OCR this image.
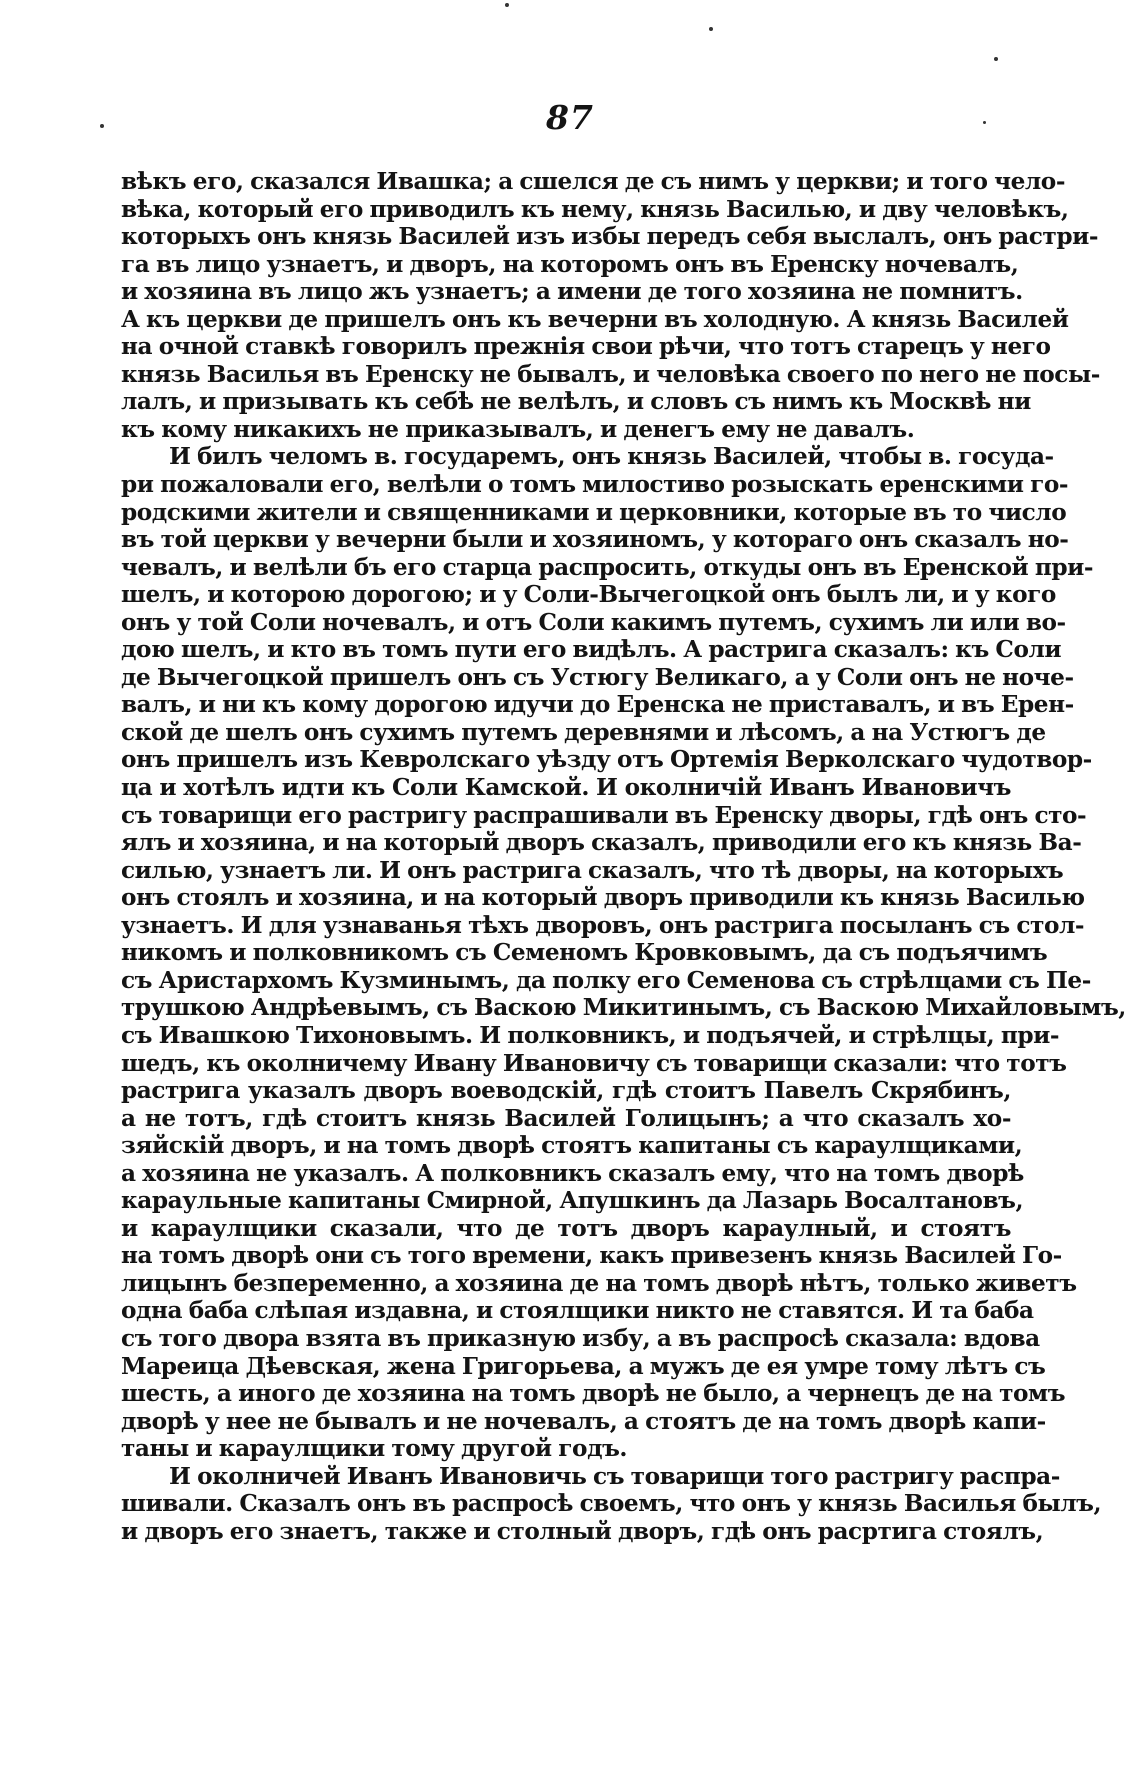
87
вѣкъ его, сказался Ивашка; а сшелся де съ нимъ у церкви; и того чело-
вѣка, который его приводилъ къ нему, князь Василью, и дву человѣкъ,
которыхъ онъ князь Василей изъ избы передъ себя выслалъ, онъ растри-
га въ лицо узнаетъ, и дворъ, на которомъ онъ въ Еренску ночевалъ,
и хозяина въ лицо жъ узнаетъ; а имени де того хозяина не помнитъ.
А къ церкви де пришелъ онъ къ вечерни въ холодную. А князь Василей
на очной ставкѣ говорилъ прежнія свои рѣчи, что тотъ старецъ у него
князь Василья въ Еренску не бывалъ, и человѣка своего по него не посы-
лалъ, и призывать къ себѣ не велѣлъ, и словъ съ нимъ къ Москвѣ ни
къ кому никакихъ не приказывалъ, и денегъ ему не давалъ.
И билъ челомъ в. государемъ, онъ князь Василей, чтобы в. госуда-
ри пожаловали его, велѣли о томъ милостиво розыскать еренскими го-
родскими жители и священниками и церковники, которые въ то число
въ той церкви у вечерни были и хозяиномъ, у котораго онъ сказалъ но-
чевалъ, и велѣли бъ его старца распросить, откуды онъ въ Еренской при-
шелъ, и которою дорогою; и у Соли-Вычегоцкой онъ былъ ли, и у кого
онъ у той Соли ночевалъ, и отъ Соли какимъ путемъ, сухимъ ли или во-
дою шелъ, и кто въ томъ пути его видѣлъ. А растрига сказалъ: къ Соли
де Вычегоцкой пришелъ онъ съ Устюгу Великаго, а у Соли онъ не ноче-
валъ, и ни къ кому дорогою идучи до Еренска не приставалъ, и въ Ерен-
ской де шелъ онъ сухимъ путемъ деревнями и лѣсомъ, а на Устюгъ де
онъ пришелъ изъ Кевролскаго уѣзду отъ Ортемія Верколскаго чудотвор-
ца и хотѣлъ идти къ Соли Камской. И околничій Иванъ Ивановичъ
съ товарищи его растригу распрашивали въ Еренску дворы, гдѣ онъ сто-
ялъ и хозяина, и на который дворъ сказалъ, приводили его къ князь Ва-
силью, узнаетъ ли. И онъ растрига сказалъ, что тѣ дворы, на которыхъ
онъ стоялъ и хозяина, и на который дворъ приводили къ князь Василью
узнаетъ. И для узнаванья тѣхъ дворовъ, онъ растрига посыланъ съ стол-
никомъ и полковникомъ съ Семеномъ Кровковымъ, да съ подъячимъ
съ Аристархомъ Кузминымъ, да полку его Семенова съ стрѣлцами съ Пе-
трушкою Андрѣевымъ, съ Васкою Микитинымъ, съ Васкою Михайловымъ,
съ Ивашкою Тихоновымъ. И полковникъ, и подъячей, и стрѣлцы, при-
шедъ, къ околничему Ивану Ивановичу съ товарищи сказали: что тотъ
растрига указалъ дворъ воеводскій, гдѣ стоитъ Павелъ Скрябинъ,
а не тотъ, гдѣ стоитъ князь Василей Голицынъ; а что сказалъ хо-
зяйскій дворъ, и на томъ дворѣ стоятъ капитаны съ караулщиками,
а хозяина не указалъ. А полковникъ сказалъ ему, что на томъ дворѣ
караульные капитаны Смирной, Апушкинъ да Лазарь Восалтановъ,
и караулщики сказали, что де тотъ дворъ караулный, и стоятъ
на томъ дворѣ они съ того времени, какъ привезенъ князь Василей Го-
лицынъ безпеременно, а хозяина де на томъ дворѣ нѣтъ, только живетъ
одна баба слѣпая издавна, и стоялщики никто не ставятся. И та баба
съ того двора взята въ приказную избу, а въ распросѣ сказала: вдова
Мареица Дѣевская, жена Григорьева, а мужъ де ея умре тому лѣтъ съ
шесть, а иного де хозяина на томъ дворѣ не было, а чернецъ де на томъ
дворѣ у нее не бывалъ и не ночевалъ, а стоятъ де на томъ дворѣ капи-
таны и караулщики тому другой годъ.
И околничей Иванъ Ивановичь съ товарищи того растригу распра-
шивали. Сказалъ онъ въ распросѣ своемъ, что онъ у князь Василья былъ,
и дворъ его знаетъ, также и столный дворъ, гдѣ онъ расртига стоялъ,
